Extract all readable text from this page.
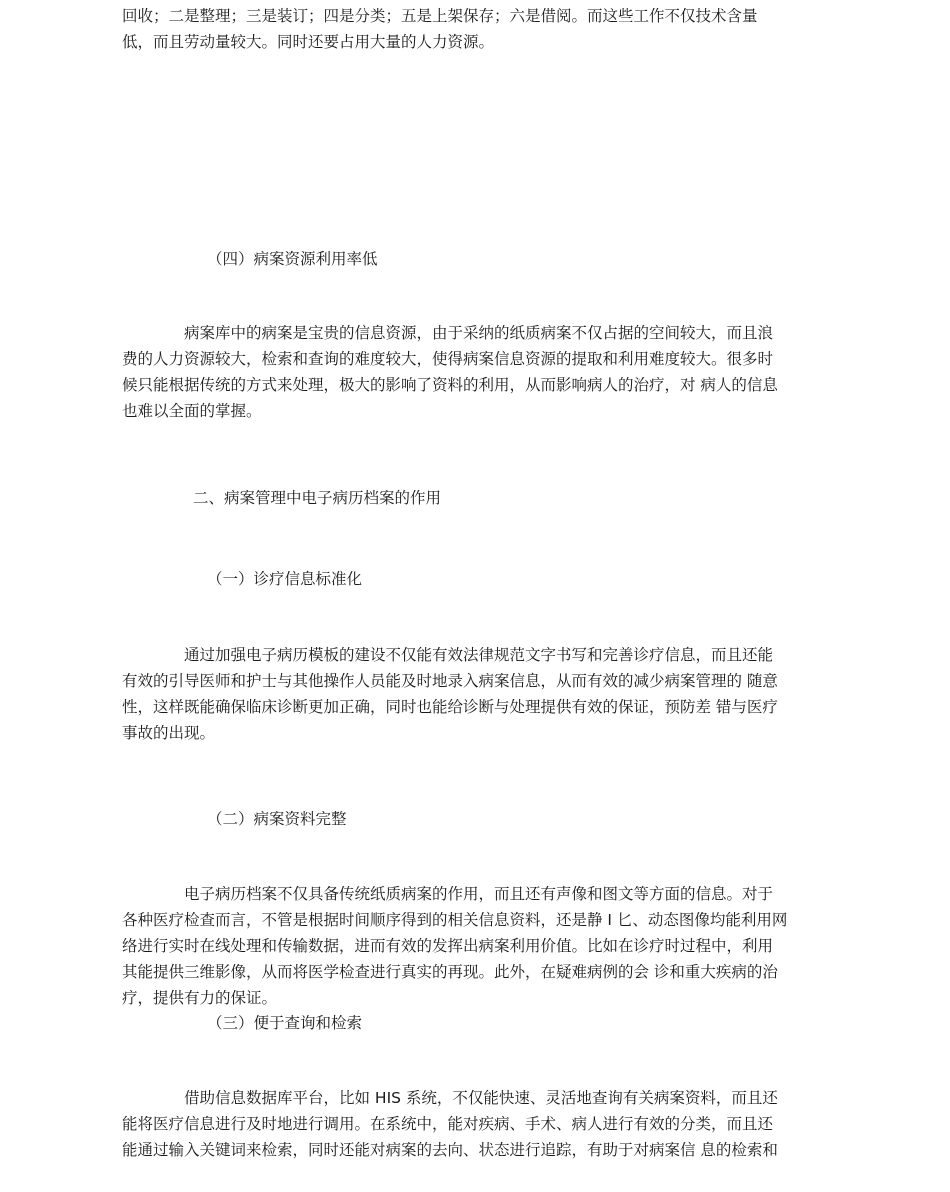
回收；二是整理；三是装订；四是分类；五是上架保存；六是借阅。而这些工作不仅技术含量
低，而且劳动量较大。同时还要占用大量的人力资源。
（四）病案资源利用率低
　　　　病案库中的病案是宝贵的信息资源，由于采纳的纸质病案不仅占据的空间较大，而且浪
费的人力资源较大，检索和查询的难度较大，使得病案信息资源的提取和利用难度较大。很多时
候只能根据传统的方式来处理，极大的影响了资料的利用，从而影响病人的治疗，对 病人的信息
也难以全面的掌握。
二、病案管理中电子病历档案的作用
（一）诊疗信息标准化
　　　　通过加强电子病历模板的建设不仅能有效法律规范文字书写和完善诊疗信息，而且还能
有效的引导医师和护士与其他操作人员能及时地录入病案信息，从而有效的减少病案管理的 随意
性，这样既能确保临床诊断更加正确，同时也能给诊断与处理提供有效的保证，预防差 错与医疗
事故的出现。
（二）病案资料完整
　　　　电子病历档案不仅具备传统纸质病案的作用，而且还有声像和图文等方面的信息。对于
各种医疗检查而言，不管是根据时间顺序得到的相关信息资料，还是静 I 匕、动态图像均能利用网
络进行实时在线处理和传输数据，进而有效的发挥出病案利用价值。比如在诊疗时过程中，利用
其能提供三维影像，从而将医学检查进行真实的再现。此外，在疑难病例的会 诊和重大疾病的治
疗，提供有力的保证。
（三）便于查询和检索
　　　　借助信息数据库平台，比如 HIS 系统，不仅能快速、灵活地查询有关病案资料，而且还
能将医疗信息进行及时地进行调用。在系统中，能对疾病、手术、病人进行有效的分类，而且还
能通过输入关键词来检索，同时还能对病案的去向、状态进行追踪，有助于对病案信 息的检索和
